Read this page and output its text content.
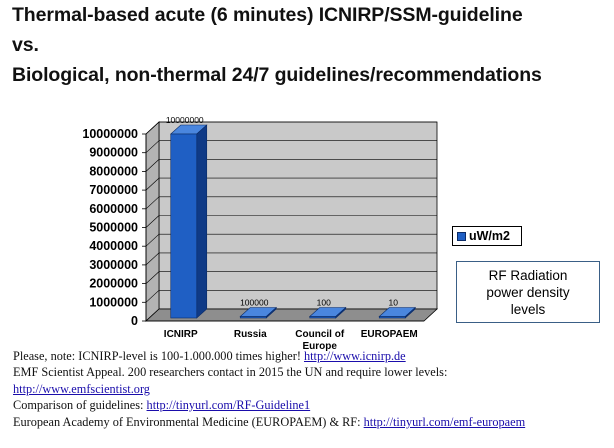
Thermal-based acute (6 minutes) ICNIRP/SSM-guideline
vs.
Biological, non-thermal 24/7 guidelines/recommendations
0
1000000
2000000
3000000
4000000
5000000
6000000
7000000
8000000
9000000
10000000
10000000
ICNIRP
100000
Russia
100
Council of
Europe
10
EUROPAEM
uW/m2
RF Radiation
power density
levels
Please, note: ICNIRP-level is 100-1.000.000 times higher! http://www.icnirp.de
EMF Scientist Appeal. 200 researchers contact in 2015 the UN and require lower levels:
http://www.emfscientist.org
Comparison of guidelines: http://tinyurl.com/RF-Guideline1
European Academy of Environmental Medicine (EUROPAEM) & RF: http://tinyurl.com/emf-europaem
